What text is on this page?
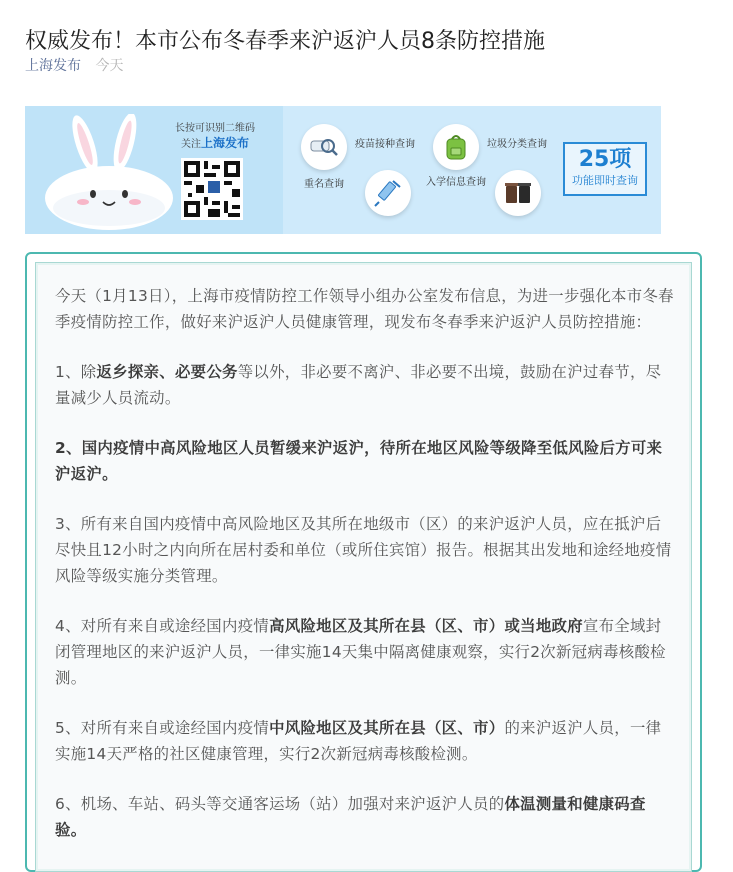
权威发布！本市公布冬春季来沪返沪人员8条防控措施
上海发布 今天
长按可识别二维码
关注上海发布
重名查询
疫苗接种查询
入学信息查询
垃圾分类查询
25项
功能即时查询

今天（1月13日），上海市疫情防控工作领导小组办公室发布信息，为进一步强化本市冬春季疫情防控工作，做好来沪返沪人员健康管理，现发布冬春季来沪返沪人员防控措施：

1、除返乡探亲、必要公务等以外，非必要不离沪、非必要不出境，鼓励在沪过春节，尽量减少人员流动。

2、国内疫情中高风险地区人员暂缓来沪返沪，待所在地区风险等级降至低风险后方可来沪返沪。

3、所有来自国内疫情中高风险地区及其所在地级市（区）的来沪返沪人员，应在抵沪后尽快且12小时之内向所在居村委和单位（或所住宾馆）报告。根据其出发地和途经地疫情风险等级实施分类管理。

4、对所有来自或途经国内疫情高风险地区及其所在县（区、市）或当地政府宣布全域封闭管理地区的来沪返沪人员，一律实施14天集中隔离健康观察，实行2次新冠病毒核酸检测。

5、对所有来自或途经国内疫情中风险地区及其所在县（区、市）的来沪返沪人员，一律实施14天严格的社区健康管理，实行2次新冠病毒核酸检测。

6、机场、车站、码头等交通客运场（站）加强对来沪返沪人员的体温测量和健康码查验。
